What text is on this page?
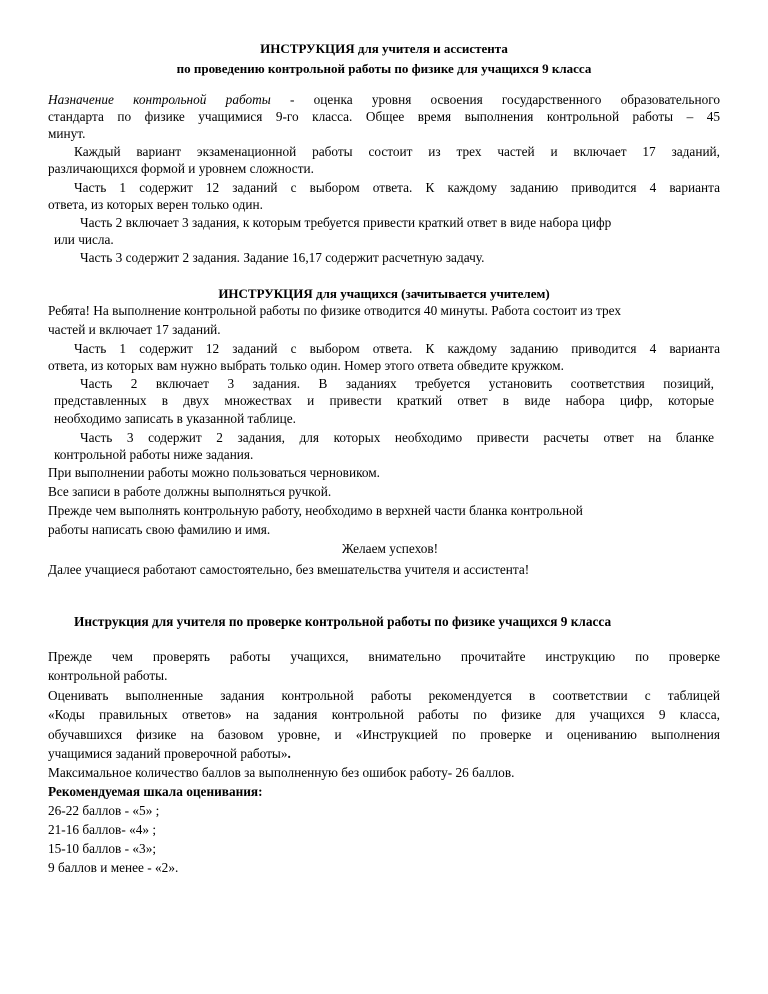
ИНСТРУКЦИЯ для учителя и ассистента
по проведению контрольной работы по физике для учащихся 9 класса
Назначение контрольной работы - оценка уровня освоения государственного образовательного
стандарта по физике учащимися 9-го класса. Общее время выполнения контрольной работы – 45
минут.
Каждый вариант экзаменационной работы состоит из трех частей и включает 17 заданий,
различающихся формой и уровнем сложности.
Часть 1 содержит 12 заданий с выбором ответа. К каждому заданию приводится 4 варианта
ответа, из которых верен только один.
Часть 2 включает 3 задания, к которым требуется привести краткий ответ в виде набора цифр
или числа.
Часть 3 содержит 2 задания. Задание 16,17 содержит расчетную задачу.
ИНСТРУКЦИЯ для учащихся (зачитывается учителем)
Ребята! На выполнение контрольной работы по физике отводится 40 минуты. Работа состоит из трех
частей и включает 17 заданий.
Часть 1 содержит 12 заданий с выбором ответа. К каждому заданию приводится 4 варианта
ответа, из которых вам нужно выбрать только один. Номер этого ответа обведите кружком.
Часть 2 включает 3 задания. В заданиях требуется установить соответствия позиций,
представленных в двух множествах и привести краткий ответ в виде набора цифр, которые
необходимо записать в указанной таблице.
Часть 3 содержит 2 задания, для которых необходимо привести расчеты ответ на бланке
контрольной работы ниже задания.
При выполнении работы можно пользоваться черновиком.
Все записи в работе должны выполняться ручкой.
Прежде чем выполнять контрольную работу, необходимо в верхней части бланка контрольной
работы написать свою фамилию и имя.
Желаем успехов!
Далее учащиеся работают самостоятельно, без вмешательства учителя и ассистента!
Инструкция для учителя по проверке контрольной работы по физике учащихся 9 класса
Прежде чем проверять работы учащихся, внимательно прочитайте инструкцию по проверке
контрольной работы.
Оценивать выполненные задания контрольной работы рекомендуется в соответствии с таблицей
«Коды правильных ответов» на задания контрольной работы по физике для учащихся 9 класса,
обучавшихся физике на базовом уровне, и «Инструкцией по проверке и оцениванию выполнения
учащимися заданий проверочной работы».
Максимальное количество баллов за выполненную без ошибок работу- 26 баллов.
Рекомендуемая шкала оценивания:
26-22 баллов - «5» ;
21-16 баллов- «4» ;
15-10 баллов - «3»;
9 баллов и менее - «2».
